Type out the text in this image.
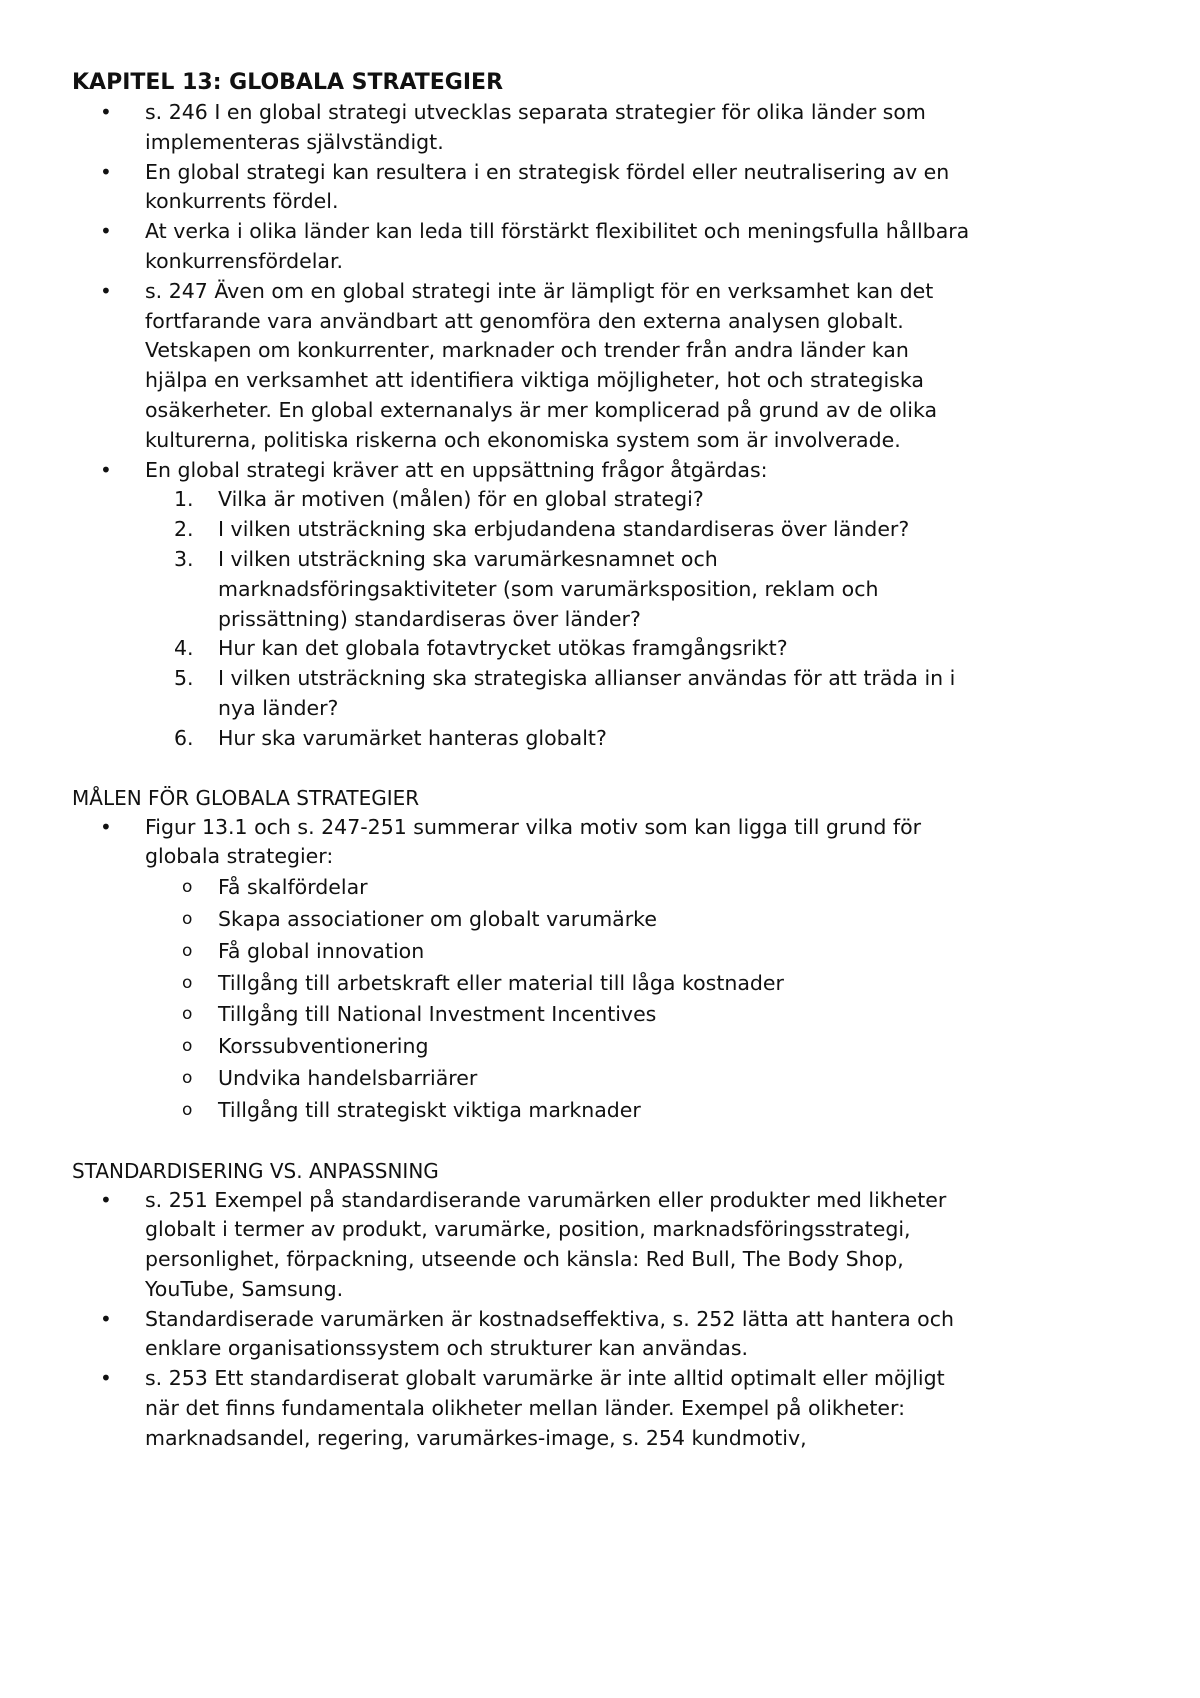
KAPITEL 13: GLOBALA STRATEGIER
• s. 246 I en global strategi utvecklas separata strategier för olika länder som
implementeras självständigt.
• En global strategi kan resultera i en strategisk fördel eller neutralisering av en
konkurrents fördel.
• At verka i olika länder kan leda till förstärkt flexibilitet och meningsfulla hållbara
konkurrensfördelar.
• s. 247 Även om en global strategi inte är lämpligt för en verksamhet kan det
fortfarande vara användbart att genomföra den externa analysen globalt.
Vetskapen om konkurrenter, marknader och trender från andra länder kan
hjälpa en verksamhet att identifiera viktiga möjligheter, hot och strategiska
osäkerheter. En global externanalys är mer komplicerad på grund av de olika
kulturerna, politiska riskerna och ekonomiska system som är involverade.
• En global strategi kräver att en uppsättning frågor åtgärdas:
1. Vilka är motiven (målen) för en global strategi?
2. I vilken utsträckning ska erbjudandena standardiseras över länder?
3. I vilken utsträckning ska varumärkesnamnet och
marknadsföringsaktiviteter (som varumärksposition, reklam och
prissättning) standardiseras över länder?
4. Hur kan det globala fotavtrycket utökas framgångsrikt?
5. I vilken utsträckning ska strategiska allianser användas för att träda in i
nya länder?
6. Hur ska varumärket hanteras globalt?
MÅLEN FÖR GLOBALA STRATEGIER
• Figur 13.1 och s. 247-251 summerar vilka motiv som kan ligga till grund för
globala strategier:
o Få skalfördelar
o Skapa associationer om globalt varumärke
o Få global innovation
o Tillgång till arbetskraft eller material till låga kostnader
o Tillgång till National Investment Incentives
o Korssubventionering
o Undvika handelsbarriärer
o Tillgång till strategiskt viktiga marknader
STANDARDISERING VS. ANPASSNING
• s. 251 Exempel på standardiserande varumärken eller produkter med likheter
globalt i termer av produkt, varumärke, position, marknadsföringsstrategi,
personlighet, förpackning, utseende och känsla: Red Bull, The Body Shop,
YouTube, Samsung.
• Standardiserade varumärken är kostnadseffektiva, s. 252 lätta att hantera och
enklare organisationssystem och strukturer kan användas.
• s. 253 Ett standardiserat globalt varumärke är inte alltid optimalt eller möjligt
när det finns fundamentala olikheter mellan länder. Exempel på olikheter:
marknadsandel, regering, varumärkes-image, s. 254 kundmotiv,
